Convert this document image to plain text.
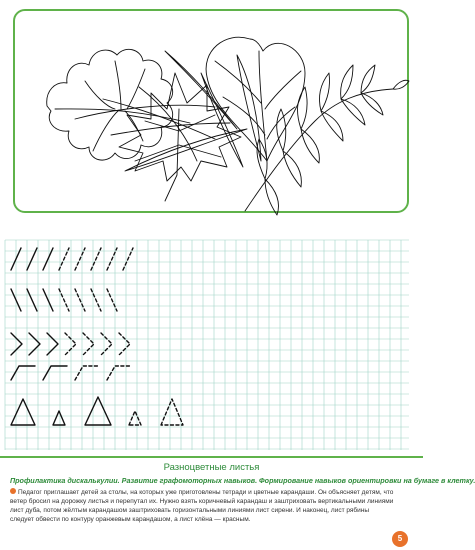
Разноцветные листья
Профилактика дискалькулии. Развитие графомоторных навыков. Формирование навыков ориентировки на бумаге в клетку.
Педагог приглашает детей за столы, на которых уже приготовлены тетради и цветные карандаши. Он объясняет детям, что ветер бросил на дорожку листья и перепутал их. Нужно взять коричневый карандаш и заштриховать вертикальными линиями лист дуба, потом жёлтым карандашом заштриховать горизонтальными линиями лист сирени. И наконец, лист рябины следует обвести по контуру оранжевым карандашом, а лист клёна — красным.
5
